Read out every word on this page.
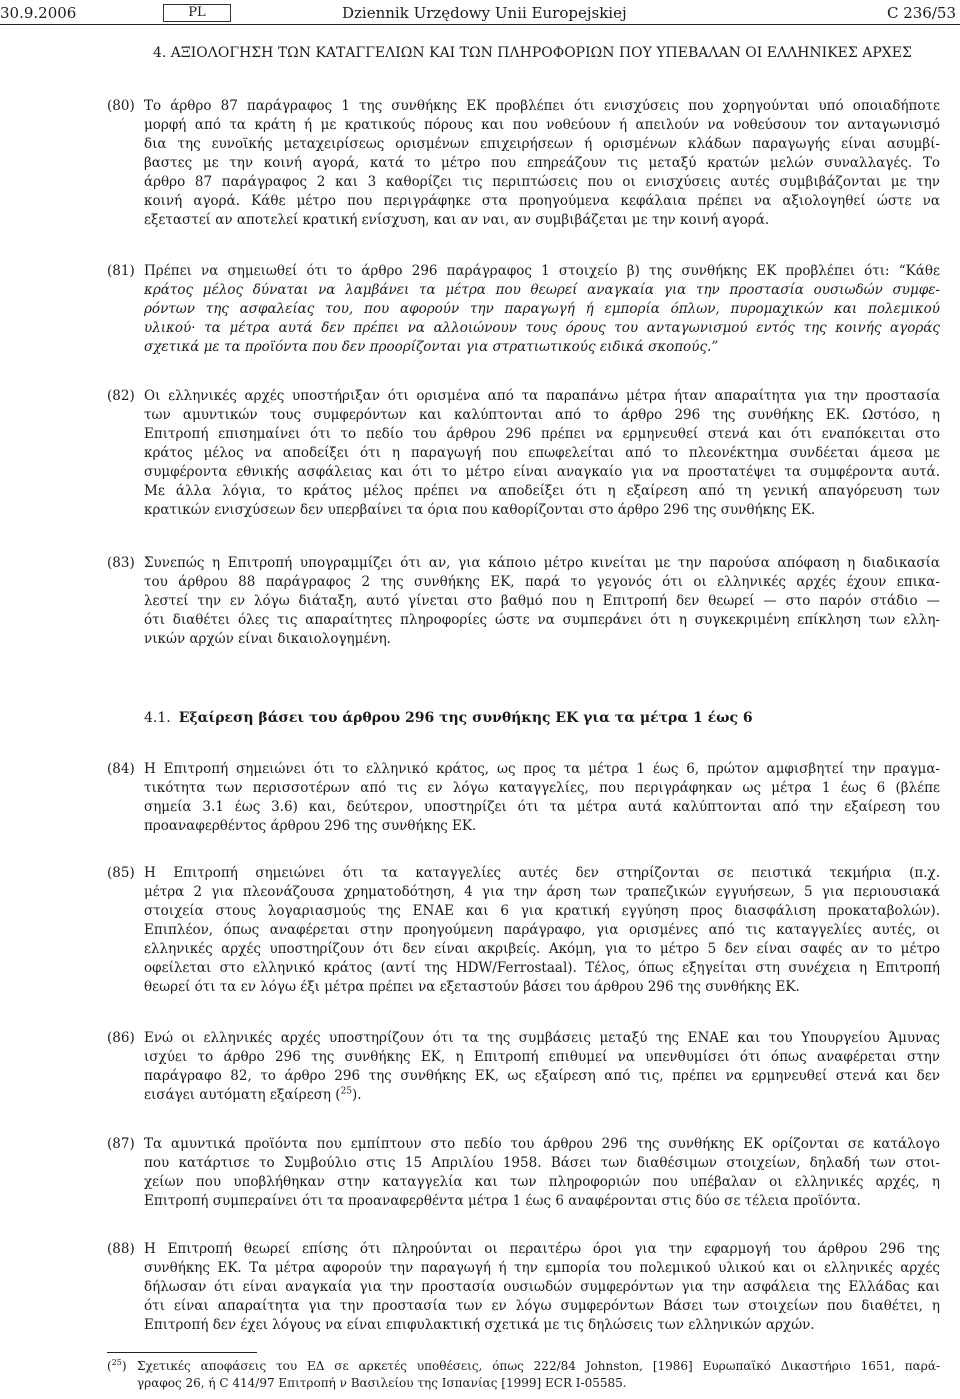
30.9.2006	PL	Dziennik Urzędowy Unii Europejskiej	C 236/53
4. ΑΞΙΟΛΟΓΗΣΗ ΤΩΝ ΚΑΤΑΓΓΕΛΙΩΝ ΚΑΙ ΤΩΝ ΠΛΗΡΟΦΟΡΙΩΝ ΠΟΥ ΥΠΕΒΑΛΑΝ ΟΙ ΕΛΛΗΝΙΚΕΣ ΑΡΧΕΣ
(80) Το άρθρο 87 παράγραφος 1 της συνθήκης ΕΚ προβλέπει ότι ενισχύσεις που χορηγούνται υπό οποιαδήποτε
μορφή από τα κράτη ή με κρατικούς πόρους και που νοθεύουν ή απειλούν να νοθεύσουν τον ανταγωνισμό
δια της ευνοϊκής μεταχειρίσεως ορισμένων επιχειρήσεων ή ορισμένων κλάδων παραγωγής είναι ασυμβί-
βαστες με την κοινή αγορά, κατά το μέτρο που επηρεάζουν τις μεταξύ κρατών μελών συναλλαγές. Το
άρθρο 87 παράγραφος 2 και 3 καθορίζει τις περιπτώσεις που οι ενισχύσεις αυτές συμβιβάζονται με την
κοινή αγορά. Κάθε μέτρο που περιγράφηκε στα προηγούμενα κεφάλαια πρέπει να αξιολογηθεί ώστε να
εξεταστεί αν αποτελεί κρατική ενίσχυση, και αν ναι, αν συμβιβάζεται με την κοινή αγορά.
(81) Πρέπει να σημειωθεί ότι το άρθρο 296 παράγραφος 1 στοιχείο β) της συνθήκης ΕΚ προβλέπει ότι: “Κάθε
κράτος μέλος δύναται να λαμβάνει τα μέτρα που θεωρεί αναγκαία για την προστασία ουσιωδών συμφε-
ρόντων της ασφαλείας του, που αφορούν την παραγωγή ή εμπορία όπλων, πυρομαχικών και πολεμικού
υλικού· τα μέτρα αυτά δεν πρέπει να αλλοιώνουν τους όρους του ανταγωνισμού εντός της κοινής αγοράς
σχετικά με τα προϊόντα που δεν προορίζονται για στρατιωτικούς ειδικά σκοπούς.”
(82) Οι ελληνικές αρχές υποστήριξαν ότι ορισμένα από τα παραπάνω μέτρα ήταν απαραίτητα για την προστασία
των αμυντικών τους συμφερόντων και καλύπτονται από το άρθρο 296 της συνθήκης ΕΚ. Ωστόσο, η
Επιτροπή επισημαίνει ότι το πεδίο του άρθρου 296 πρέπει να ερμηνευθεί στενά και ότι εναπόκειται στο
κράτος μέλος να αποδείξει ότι η παραγωγή που επωφελείται από το πλεονέκτημα συνδέεται άμεσα με
συμφέροντα εθνικής ασφάλειας και ότι το μέτρο είναι αναγκαίο για να προστατέψει τα συμφέροντα αυτά.
Με άλλα λόγια, το κράτος μέλος πρέπει να αποδείξει ότι η εξαίρεση από τη γενική απαγόρευση των
κρατικών ενισχύσεων δεν υπερβαίνει τα όρια που καθορίζονται στο άρθρο 296 της συνθήκης ΕΚ.
(83) Συνεπώς η Επιτροπή υπογραμμίζει ότι αν, για κάποιο μέτρο κινείται με την παρούσα απόφαση η διαδικασία
του άρθρου 88 παράγραφος 2 της συνθήκης ΕΚ, παρά το γεγονός ότι οι ελληνικές αρχές έχουν επικα-
λεστεί την εν λόγω διάταξη, αυτό γίνεται στο βαθμό που η Επιτροπή δεν θεωρεί — στο παρόν στάδιο —
ότι διαθέτει όλες τις απαραίτητες πληροφορίες ώστε να συμπεράνει ότι η συγκεκριμένη επίκληση των ελλη-
νικών αρχών είναι δικαιολογημένη.
4.1. Εξαίρεση βάσει του άρθρου 296 της συνθήκης ΕΚ για τα μέτρα 1 έως 6
(84) Η Επιτροπή σημειώνει ότι το ελληνικό κράτος, ως προς τα μέτρα 1 έως 6, πρώτον αμφισβητεί την πραγμα-
τικότητα των περισσοτέρων από τις εν λόγω καταγγελίες, που περιγράφηκαν ως μέτρα 1 έως 6 (βλέπε
σημεία 3.1 έως 3.6) και, δεύτερον, υποστηρίζει ότι τα μέτρα αυτά καλύπτονται από την εξαίρεση του
προαναφερθέντος άρθρου 296 της συνθήκης ΕΚ.
(85) Η Επιτροπή σημειώνει ότι τα καταγγελίες αυτές δεν στηρίζονται σε πειστικά τεκμήρια (π.χ.
μέτρα 2 για πλεονάζουσα χρηματοδότηση, 4 για την άρση των τραπεζικών εγγυήσεων, 5 για περιουσιακά
στοιχεία στους λογαριασμούς της ΕΝΑΕ και 6 για κρατική εγγύηση προς διασφάλιση προκαταβολών).
Επιπλέον, όπως αναφέρεται στην προηγούμενη παράγραφο, για ορισμένες από τις καταγγελίες αυτές, οι
ελληνικές αρχές υποστηρίζουν ότι δεν είναι ακριβείς. Ακόμη, για το μέτρο 5 δεν είναι σαφές αν το μέτρο
οφείλεται στο ελληνικό κράτος (αντί της HDW/Ferrostaal). Τέλος, όπως εξηγείται στη συνέχεια η Επιτροπή
θεωρεί ότι τα εν λόγω έξι μέτρα πρέπει να εξεταστούν βάσει του άρθρου 296 της συνθήκης ΕΚ.
(86) Ενώ οι ελληνικές αρχές υποστηρίζουν ότι τα της συμβάσεις μεταξύ της ΕΝΑΕ και του Υπουργείου Άμυνας
ισχύει το άρθρο 296 της συνθήκης ΕΚ, η Επιτροπή επιθυμεί να υπενθυμίσει ότι όπως αναφέρεται στην
παράγραφο 82, το άρθρο 296 της συνθήκης ΕΚ, ως εξαίρεση από τις, πρέπει να ερμηνευθεί στενά και δεν
εισάγει αυτόματη εξαίρεση ($^{25}$).
(87) Τα αμυντικά προϊόντα που εμπίπτουν στο πεδίο του άρθρου 296 της συνθήκης ΕΚ ορίζονται σε κατάλογο
που κατάρτισε το Συμβούλιο στις 15 Απριλίου 1958. Βάσει των διαθέσιμων στοιχείων, δηλαδή των στοι-
χείων που υποβλήθηκαν στην καταγγελία και των πληροφοριών που υπέβαλαν οι ελληνικές αρχές, η
Επιτροπή συμπεραίνει ότι τα προαναφερθέντα μέτρα 1 έως 6 αναφέρονται στις δύο σε τέλεια προϊόντα.
(88) Η Επιτροπή θεωρεί επίσης ότι πληρούνται οι περαιτέρω όροι για την εφαρμογή του άρθρου 296 της
συνθήκης ΕΚ. Τα μέτρα αφορούν την παραγωγή ή την εμπορία του πολεμικού υλικού και οι ελληνικές αρχές
δήλωσαν ότι είναι αναγκαία για την προστασία ουσιωδών συμφερόντων για την ασφάλεια της Ελλάδας και
ότι είναι απαραίτητα για την προστασία των εν λόγω συμφερόντων Βάσει των στοιχείων που διαθέτει, η
Επιτροπή δεν έχει λόγους να είναι επιφυλακτική σχετικά με τις δηλώσεις των ελληνικών αρχών.
($^{25}$) Σχετικές αποφάσεις του ΕΔ σε αρκετές υποθέσεις, όπως 222/84 Johnston, [1986] Ευρωπαϊκό Δικαστήριο 1651, παρά-
γραφος 26, ή C 414/97 Επιτροπή ν Βασιλείου της Ισπανίας [1999] ECR I-05585.
